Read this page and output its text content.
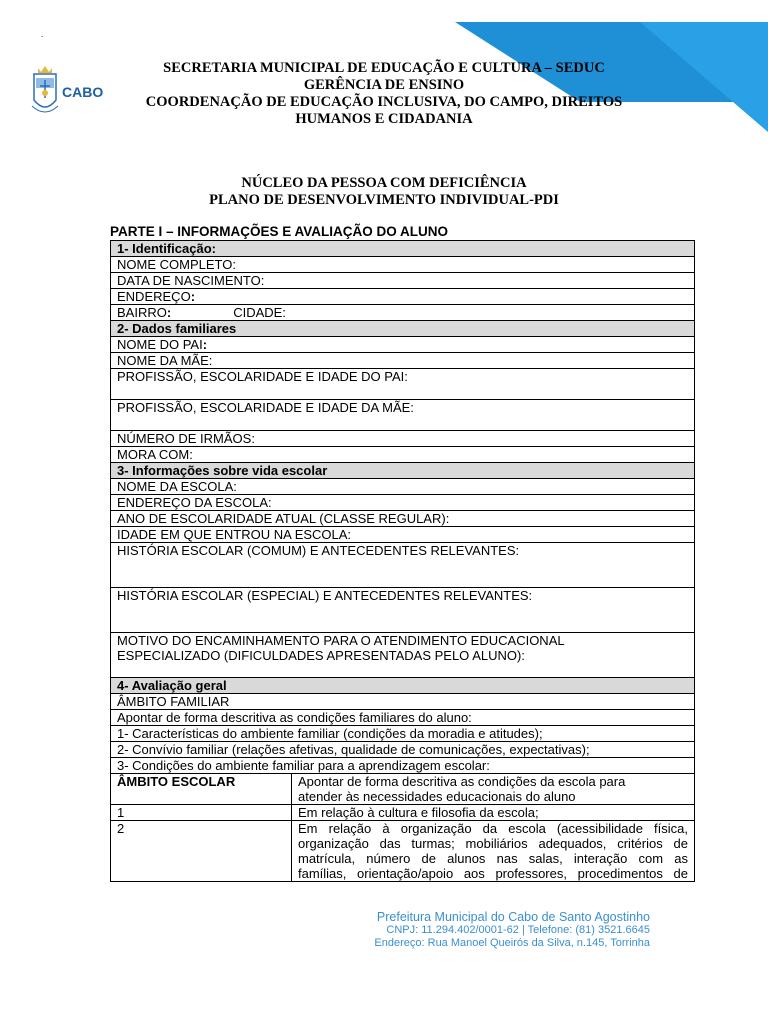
.
CABO
SECRETARIA MUNICIPAL DE EDUCAÇÃO E CULTURA – SEDUC
GERÊNCIA DE ENSINO
COORDENAÇÃO DE EDUCAÇÃO INCLUSIVA, DO CAMPO, DIREITOS
HUMANOS E CIDADANIA
NÚCLEO DA PESSOA COM DEFICIÊNCIA
PLANO DE DESENVOLVIMENTO INDIVIDUAL-PDI
PARTE I – INFORMAÇÕES E AVALIAÇÃO DO ALUNO
1- Identificação:	
NOME COMPLETO:	
DATA DE NASCIMENTO:	
ENDEREÇO:	
BAIRRO: CIDADE:	
2- Dados familiares	
NOME DO PAI:	
NOME DA MÃE:	
PROFISSÃO, ESCOLARIDADE E IDADE DO PAI:	
PROFISSÃO, ESCOLARIDADE E IDADE DA MÃE:	
NÚMERO DE IRMÃOS:	
MORA COM:	
3- Informações sobre vida escolar	
NOME DA ESCOLA:	
ENDEREÇO DA ESCOLA:	
ANO DE ESCOLARIDADE ATUAL (CLASSE REGULAR):	
IDADE EM QUE ENTROU NA ESCOLA:	
HISTÓRIA ESCOLAR (COMUM) E ANTECEDENTES RELEVANTES:	
HISTÓRIA ESCOLAR (ESPECIAL) E ANTECEDENTES RELEVANTES:	

MOTIVO DO ENCAMINHAMENTO PARA O ATENDIMENTO EDUCACIONAL
ESPECIALIZADO (DIFICULDADES APRESENTADAS PELO ALUNO):	

4- Avaliação geral	
ÂMBITO FAMILIAR	
Apontar de forma descritiva as condições familiares do aluno:	
1- Características do ambiente familiar (condições da moradia e atitudes);	
2- Convívio familiar (relações afetivas, qualidade de comunicações, expectativas);	
3- Condições do ambiente familiar para a aprendizagem escolar:	
ÂMBITO ESCOLAR	Apontar de forma descritiva as condições da escola para
atender às necessidades educacionais do aluno

1	Em relação à cultura e filosofia da escola;
2	Em relação à organização da escola (acessibilidade física,
organização das turmas; mobiliários adequados, critérios de
matrícula, número de alunos nas salas, interação com as
famílias, orientação/apoio aos professores, procedimentos de
Prefeitura Municipal do Cabo de Santo Agostinho
CNPJ: 11.294.402/0001-62 | Telefone: (81) 3521.6645
Endereço: Rua Manoel Queirós da Silva, n.145, Torrinha
